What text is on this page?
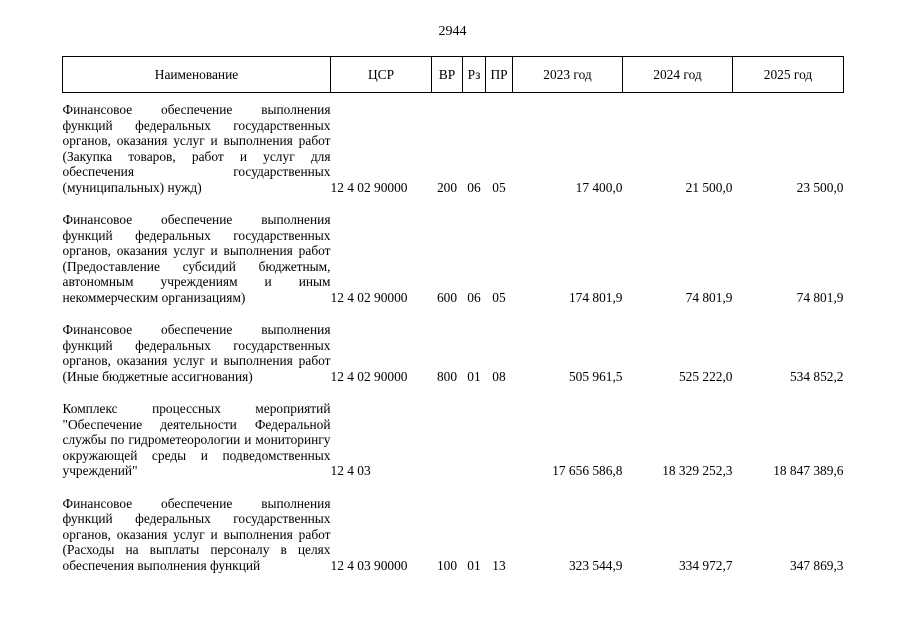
2944
Наименование	ЦСР	ВР	Рз	ПР	2023 год	2024 год	2025 год
Финансовое обеспечение выполнения функций федеральных государственных органов, оказания услуг и выполнения работ (Закупка товаров, работ и услуг для обеспечения государственных (муниципальных) нужд)	12 4 02 90000	200	06	05	17 400,0	21 500,0	23 500,0
Финансовое обеспечение выполнения функций федеральных государственных органов, оказания услуг и выполнения работ (Предоставление субсидий бюджетным, автономным учреждениям и иным некоммерческим организациям)	12 4 02 90000	600	06	05	174 801,9	74 801,9	74 801,9
Финансовое обеспечение выполнения функций федеральных государственных органов, оказания услуг и выполнения работ (Иные бюджетные ассигнования)	12 4 02 90000	800	01	08	505 961,5	525 222,0	534 852,2
Комплекс процессных мероприятий "Обеспечение деятельности Федеральной службы по гидрометеорологии и мониторингу окружающей среды и подведомственных учреждений"	12 4 03				17 656 586,8	18 329 252,3	18 847 389,6
Финансовое обеспечение выполнения функций федеральных государственных органов, оказания услуг и выполнения работ (Расходы на выплаты персоналу в целях обеспечения выполнения функций	12 4 03 90000	100	01	13	323 544,9	334 972,7	347 869,3
